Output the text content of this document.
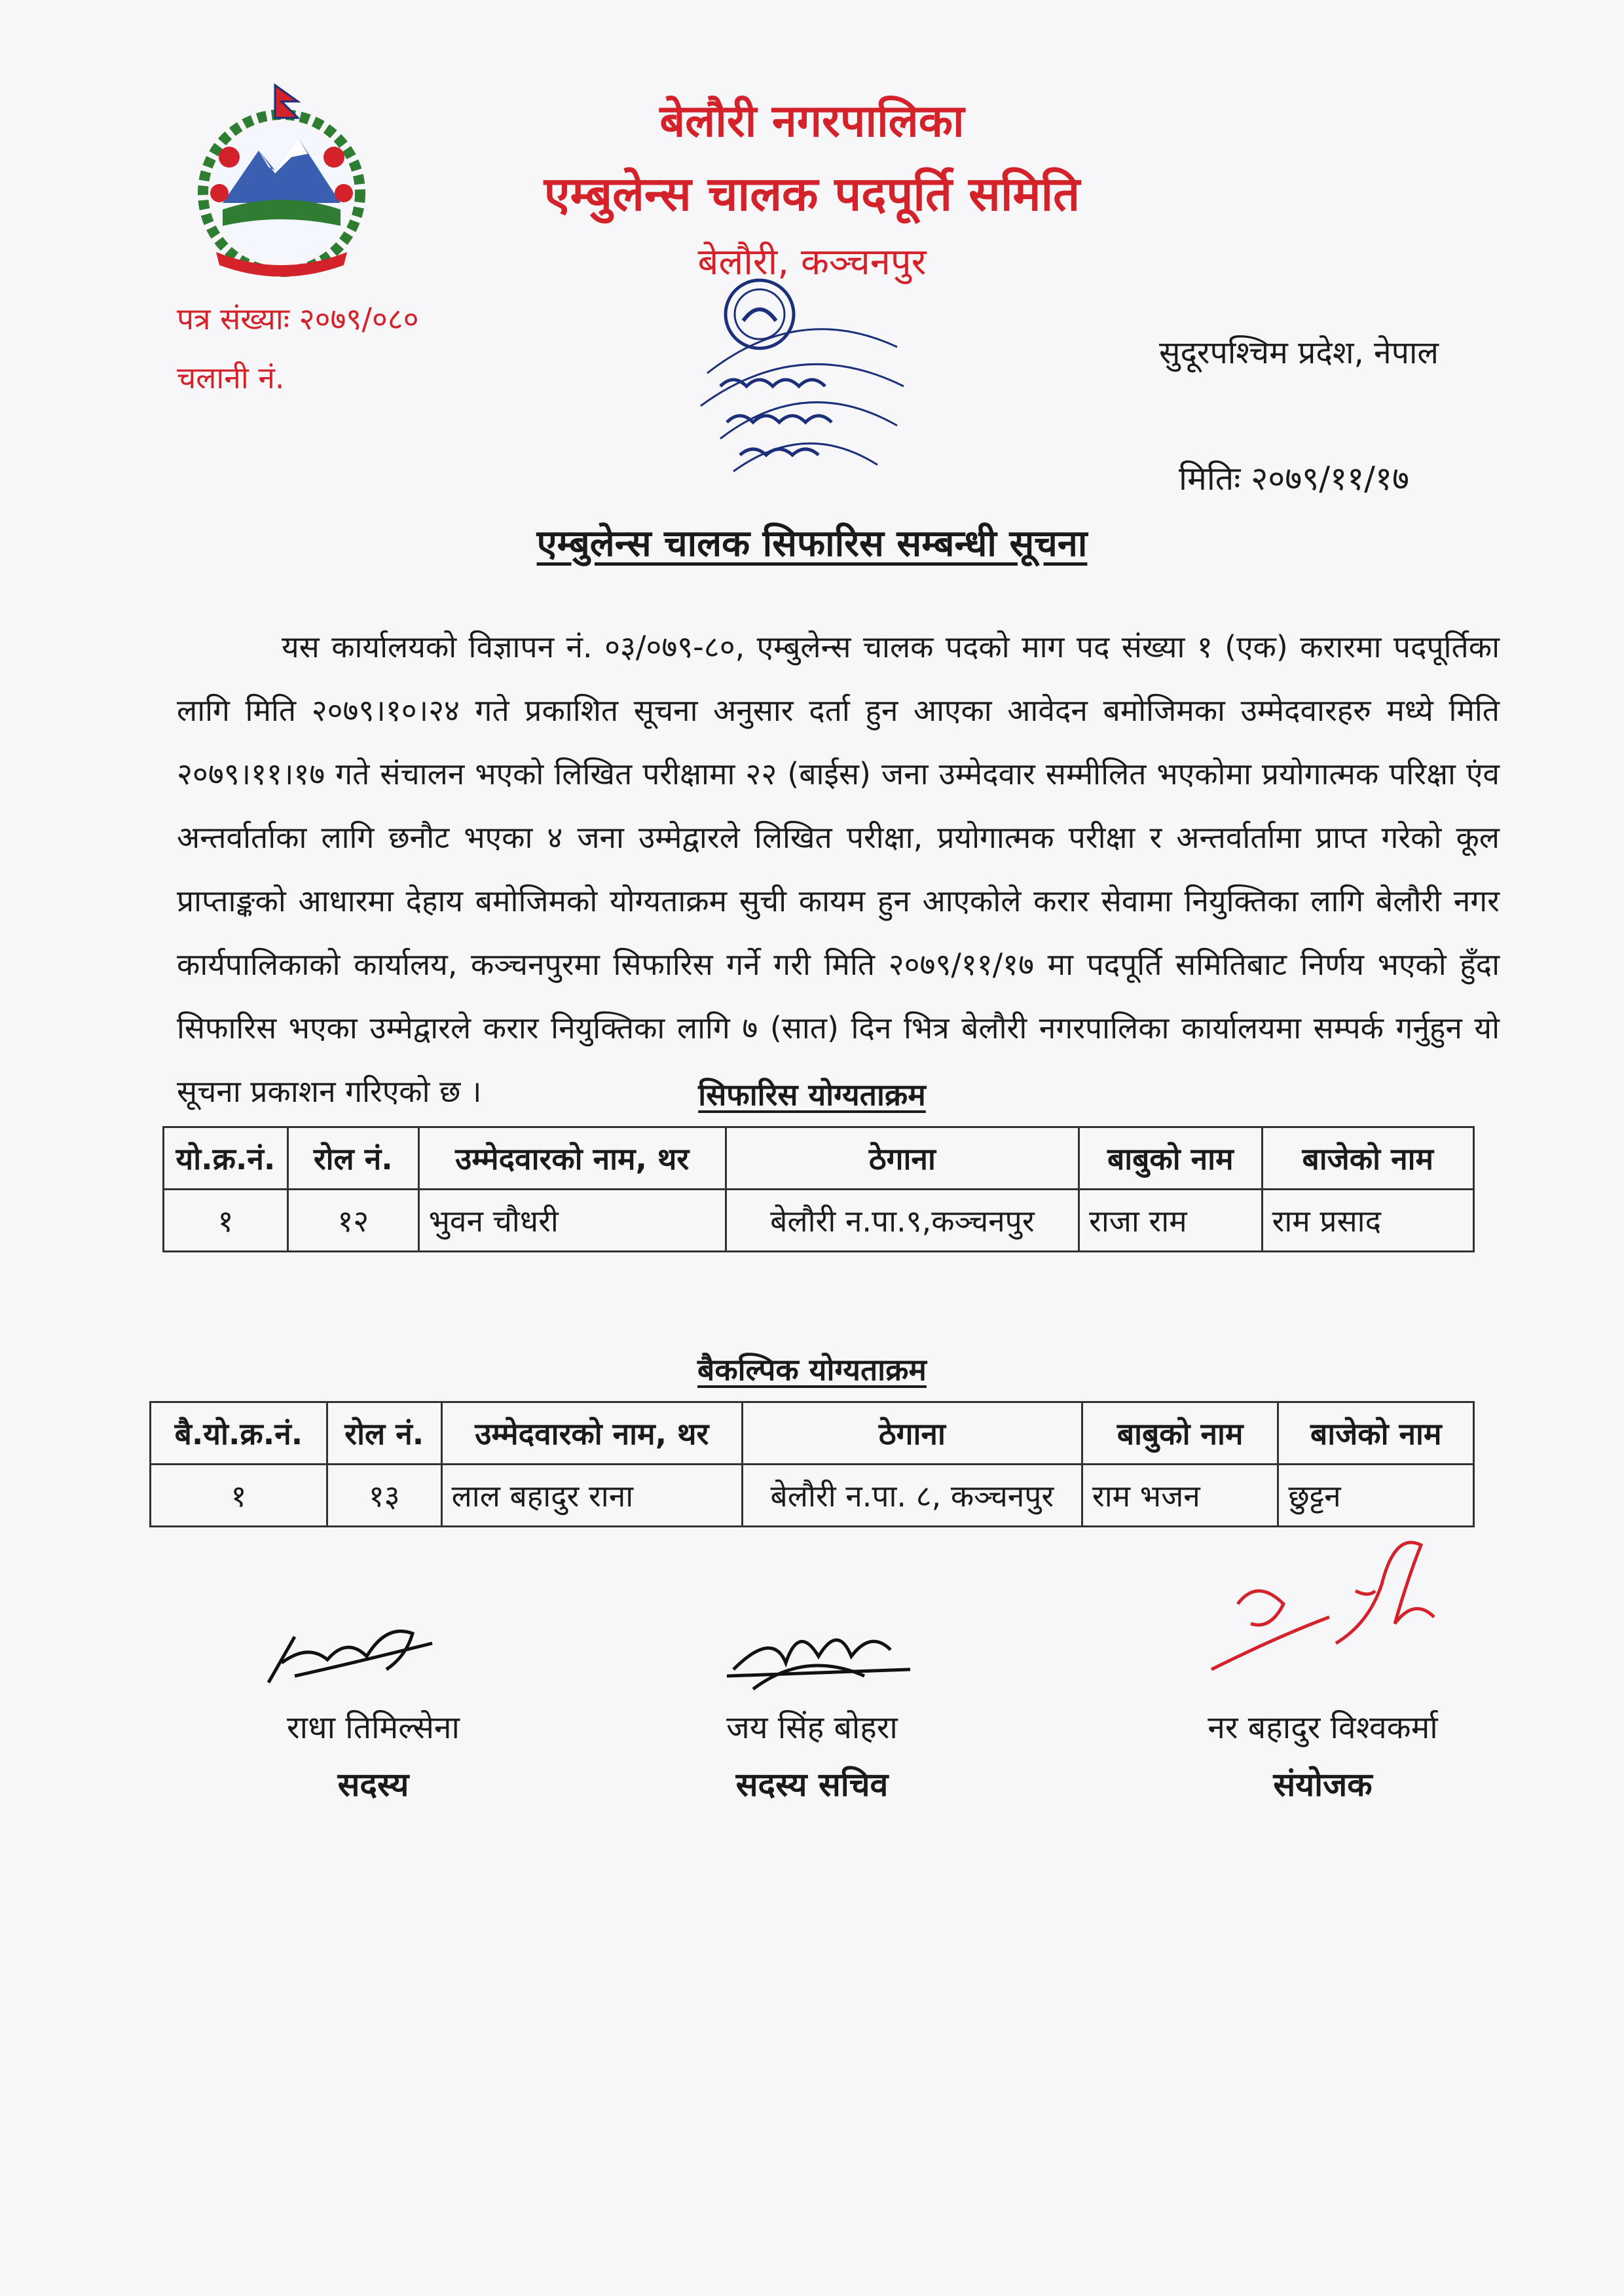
बेलौरी नगरपालिका
एम्बुलेन्स चालक पदपूर्ति समिति
बेलौरी, कञ्चनपुर
पत्र संख्याः २०७९/०८०
चलानी नं.
सुदूरपश्चिम प्रदेश, नेपाल
मितिः २०७९/११/१७
एम्बुलेन्स चालक सिफारिस सम्बन्धी सूचना

यस कार्यालयको विज्ञापन नं. ०३/०७९-८०, एम्बुलेन्स चालक पदको माग पद संख्या १ (एक) करारमा पदपूर्तिका लागि मिति २०७९।१०।२४ गते प्रकाशित सूचना अनुसार दर्ता हुन आएका आवेदन बमोजिमका उम्मेदवारहरु मध्ये मिति २०७९।११।१७ गते संचालन भएको लिखित परीक्षामा २२ (बाईस) जना उम्मेदवार सम्मीलित भएकोमा प्रयोगात्मक परिक्षा एंव अन्तर्वार्ताका लागि छनौट भएका ४ जना उम्मेद्वारले लिखित परीक्षा, प्रयोगात्मक परीक्षा र अन्तर्वार्तामा प्राप्त गरेको कूल प्राप्ताङ्कको आधारमा देहाय बमोजिमको योग्यताक्रम सुची कायम हुन आएकोले करार सेवामा नियुक्तिका लागि बेलौरी नगर कार्यपालिकाको कार्यालय, कञ्चनपुरमा सिफारिस गर्ने गरी मिति २०७९/११/१७ मा पदपूर्ति समितिबाट निर्णय भएको हुँदा सिफारिस भएका उम्मेद्वारले करार नियुक्तिका लागि ७ (सात) दिन भित्र बेलौरी नगरपालिका कार्यालयमा सम्पर्क गर्नुहुन यो सूचना प्रकाशन गरिएको छ ।	सिफारिस योग्यताक्रम
यो.क्र.नं.	रोल नं.	उम्मेदवारको नाम, थर	ठेगाना	बाबुको नाम	बाजेको नाम
१	१२	भुवन चौधरी	बेलौरी न.पा.९,कञ्चनपुर	राजा राम	राम प्रसाद
बैकल्पिक योग्यताक्रम
बै.यो.क्र.नं.	रोल नं.	उम्मेदवारको नाम, थर	ठेगाना	बाबुको नाम	बाजेको नाम
१	१३	लाल बहादुर राना	बेलौरी न.पा. ८, कञ्चनपुर	राम भजन	छुट्टन
राधा तिमिल्सेना
सदस्य
जय सिंह बोहरा
सदस्य सचिव
नर बहादुर विश्वकर्मा
संयोजक
